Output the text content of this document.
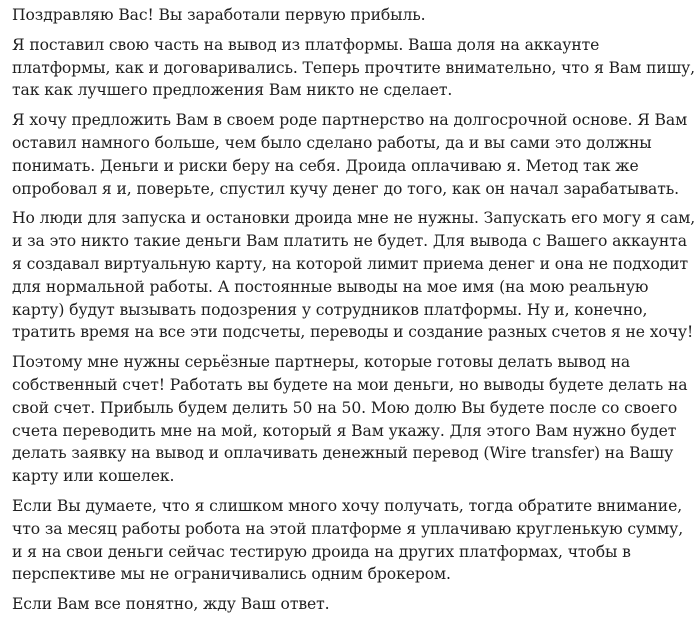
Поздравляю Вас! Вы заработали первую прибыль.

Я поставил свою часть на вывод из платформы. Ваша доля на аккаунте платформы, как и договаривались. Теперь прочтите внимательно, что я Вам пишу, так как лучшего предложения Вам никто не сделает.

Я хочу предложить Вам в своем роде партнерство на долгосрочной основе. Я Вам оставил намного больше, чем было сделано работы, да и вы сами это должны понимать. Деньги и риски беру на себя. Дроида оплачиваю я. Метод так же опробовал я и, поверьте, спустил кучу денег до того, как он начал зарабатывать.

Но люди для запуска и остановки дроида мне не нужны. Запускать его могу я сам, и за это никто такие деньги Вам платить не будет. Для вывода с Вашего аккаунта я создавал виртуальную карту, на которой лимит приема денег и она не подходит для нормальной работы. А постоянные выводы на мое имя (на мою реальную карту) будут вызывать подозрения у сотрудников платформы. Ну и, конечно, тратить время на все эти подсчеты, переводы и создание разных счетов я не хочу!

Поэтому мне нужны серьёзные партнеры, которые готовы делать вывод на собственный счет! Работать вы будете на мои деньги, но выводы будете делать на свой счет. Прибыль будем делить 50 на 50. Мою долю Вы будете после со своего счета переводить мне на мой, который я Вам укажу. Для этого Вам нужно будет делать заявку на вывод и оплачивать денежный перевод (Wire transfer) на Вашу карту или кошелек.

Если Вы думаете, что я слишком много хочу получать, тогда обратите внимание, что за месяц работы робота на этой платформе я уплачиваю кругленькую сумму, и я на свои деньги сейчас тестирую дроида на других платформах, чтобы в перспективе мы не ограничивались одним брокером.

Если Вам все понятно, жду Ваш ответ.
